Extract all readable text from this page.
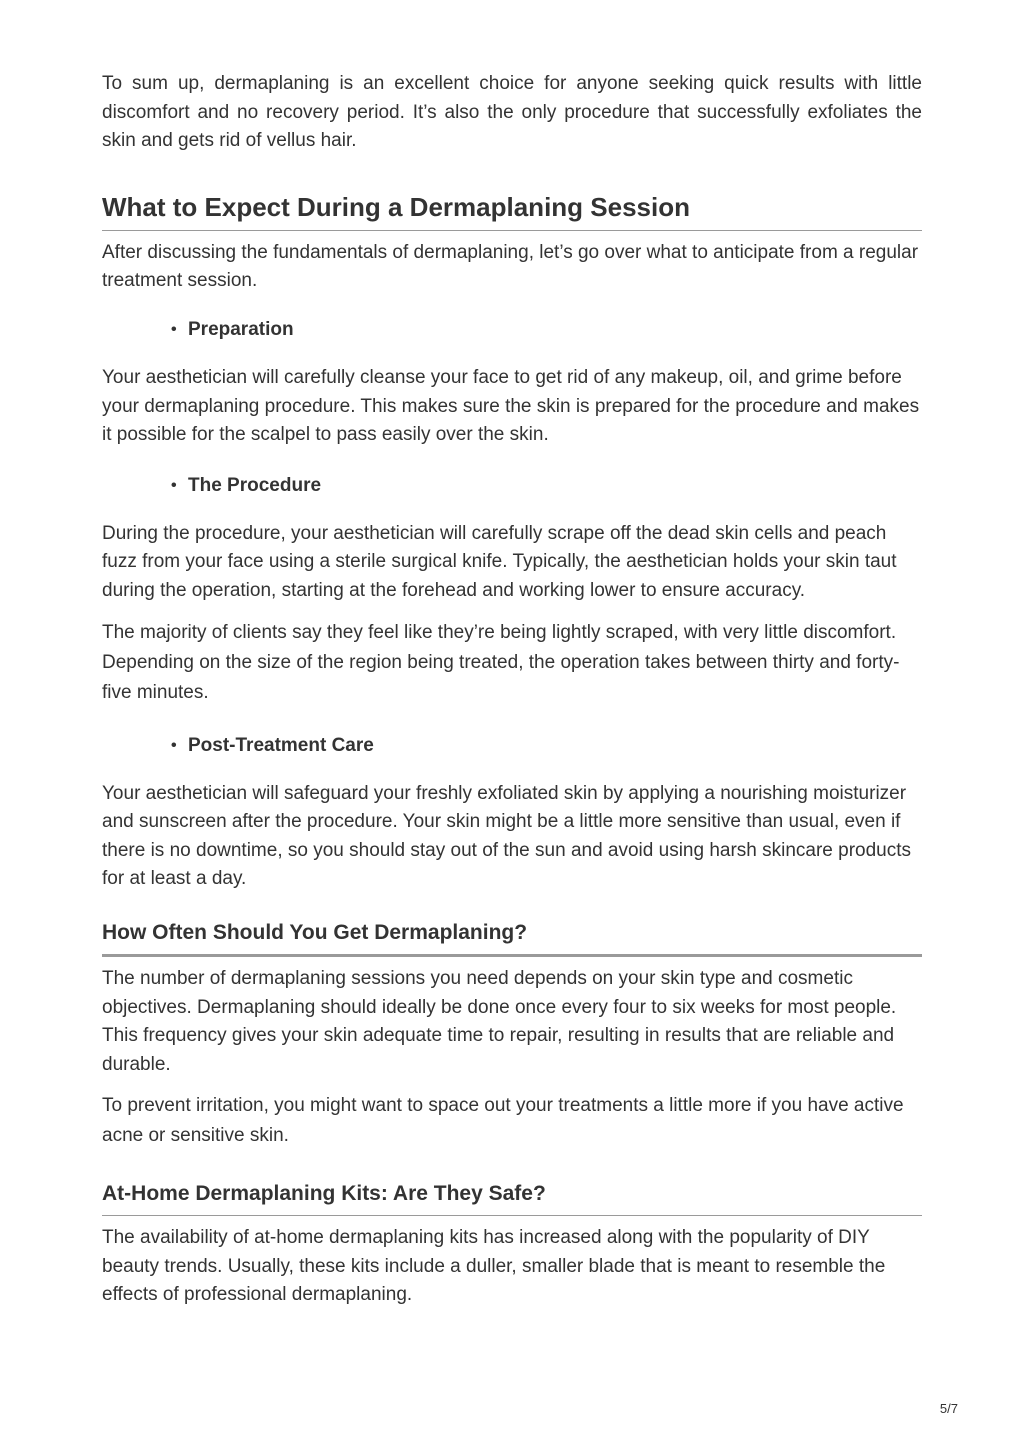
To sum up, dermaplaning is an excellent choice for anyone seeking quick results with little discomfort and no recovery period. It’s also the only procedure that successfully exfoliates the skin and gets rid of vellus hair.

What to Expect During a Dermaplaning Session

After discussing the fundamentals of dermaplaning, let’s go over what to anticipate from a regular treatment session.

• Preparation

Your aesthetician will carefully cleanse your face to get rid of any makeup, oil, and grime before your dermaplaning procedure. This makes sure the skin is prepared for the procedure and makes it possible for the scalpel to pass easily over the skin.

• The Procedure

During the procedure, your aesthetician will carefully scrape off the dead skin cells and peach fuzz from your face using a sterile surgical knife. Typically, the aesthetician holds your skin taut during the operation, starting at the forehead and working lower to ensure accuracy.

The majority of clients say they feel like they’re being lightly scraped, with very little discomfort. Depending on the size of the region being treated, the operation takes between thirty and forty-five minutes.

• Post-Treatment Care

Your aesthetician will safeguard your freshly exfoliated skin by applying a nourishing moisturizer and sunscreen after the procedure. Your skin might be a little more sensitive than usual, even if there is no downtime, so you should stay out of the sun and avoid using harsh skincare products for at least a day.

How Often Should You Get Dermaplaning?

The number of dermaplaning sessions you need depends on your skin type and cosmetic objectives. Dermaplaning should ideally be done once every four to six weeks for most people. This frequency gives your skin adequate time to repair, resulting in results that are reliable and durable.

To prevent irritation, you might want to space out your treatments a little more if you have active acne or sensitive skin.

At-Home Dermaplaning Kits: Are They Safe?

The availability of at-home dermaplaning kits has increased along with the popularity of DIY beauty trends. Usually, these kits include a duller, smaller blade that is meant to resemble the effects of professional dermaplaning.

5/7
